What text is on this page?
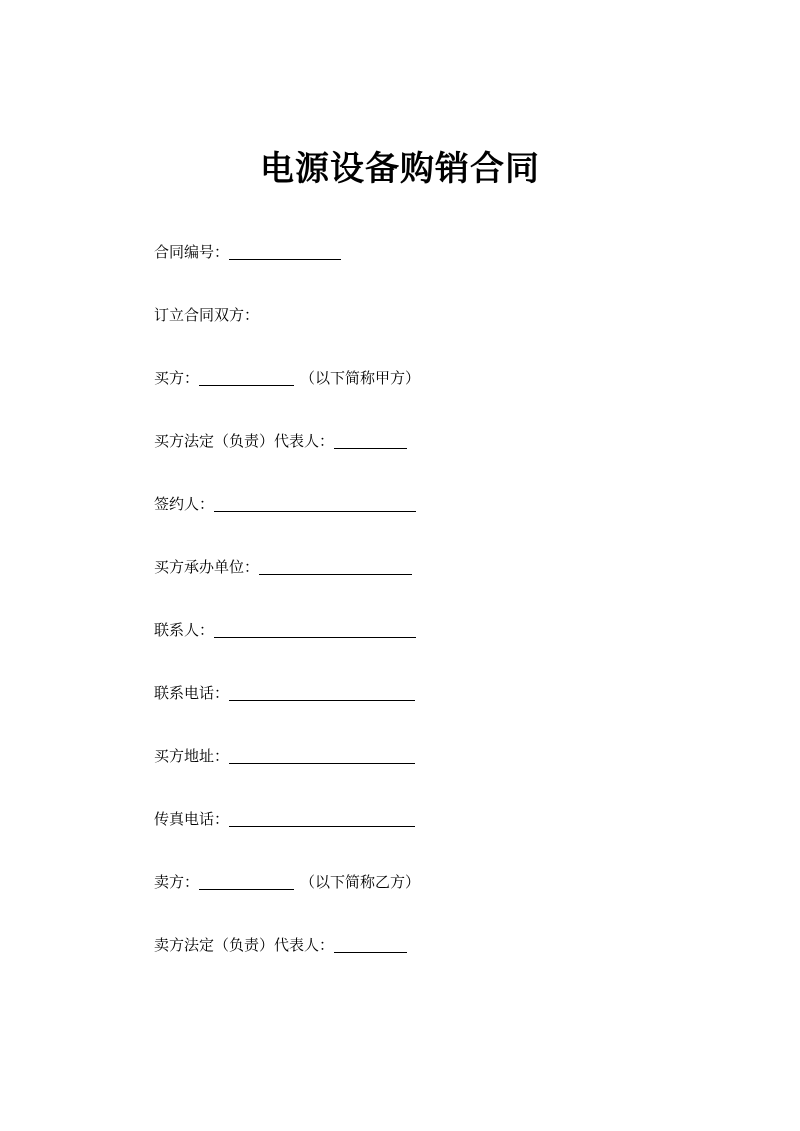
电源设备购销合同
合同编号：
订立合同双方：
买方：	（以下简称甲方）
买方法定（负责）代表人：
签约人：
买方承办单位：
联系人：
联系电话：
买方地址：
传真电话：
卖方：	（以下简称乙方）
卖方法定（负责）代表人：
